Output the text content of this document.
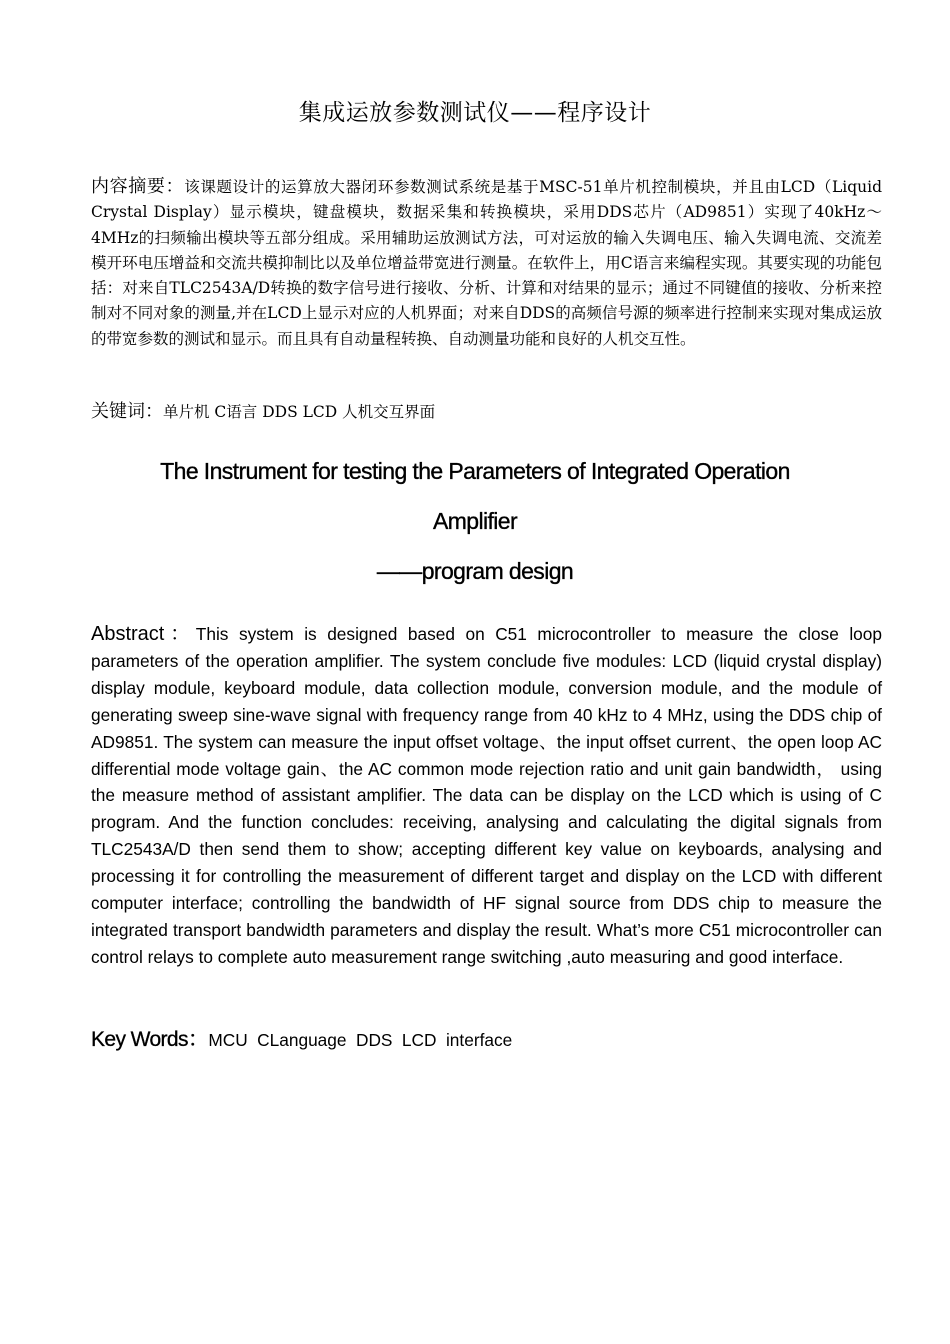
集成运放参数测试仪——程序设计
内容摘要：该课题设计的运算放大器闭环参数测试系统是基于MSC-51单片机控制模块，并且由LCD（Liquid Crystal Display）显示模块，键盘模块，数据采集和转换模块，采用DDS芯片（AD9851）实现了40kHz～4MHz的扫频输出模块等五部分组成。采用辅助运放测试方法，可对运放的输入失调电压、输入失调电流、交流差模开环电压增益和交流共模抑制比以及单位增益带宽进行测量。在软件上，用C语言来编程实现。其要实现的功能包括：对来自TLC2543A/D转换的数字信号进行接收、分析、计算和对结果的显示；通过不同键值的接收、分析来控制对不同对象的测量,并在LCD上显示对应的人机界面；对来自DDS的高频信号源的频率进行控制来实现对集成运放的带宽参数的测试和显示。而且具有自动量程转换、自动测量功能和良好的人机交互性。
关键词：单片机 C语言 DDS LCD 人机交互界面
The Instrument for testing the Parameters of Integrated Operation
Amplifier
——program design
Abstract：This system is designed based on C51 microcontroller to measure the close loop parameters of the operation amplifier. The system conclude five modules: LCD (liquid crystal display) display module, keyboard module, data collection module, conversion module, and the module of generating sweep sine-wave signal with frequency range from 40 kHz to 4 MHz, using the DDS chip of AD9851. The system can measure the input offset voltage、the input offset current、the open loop AC differential mode voltage gain、the AC common mode rejection ratio and unit gain bandwidth， using the measure method of assistant amplifier. The data can be display on the LCD which is using of C program. And the function concludes: receiving, analysing and calculating the digital signals from TLC2543A/D then send them to show; accepting different key value on keyboards, analysing and processing it for controlling the measurement of different target and display on the LCD with different computer interface; controlling the bandwidth of HF signal source from DDS chip to measure the integrated transport bandwidth parameters and display the result. What’s more C51 microcontroller can control relays to complete auto measurement range switching ,auto measuring and good interface.
Key Words：MCU CLanguage DDS LCD interface
